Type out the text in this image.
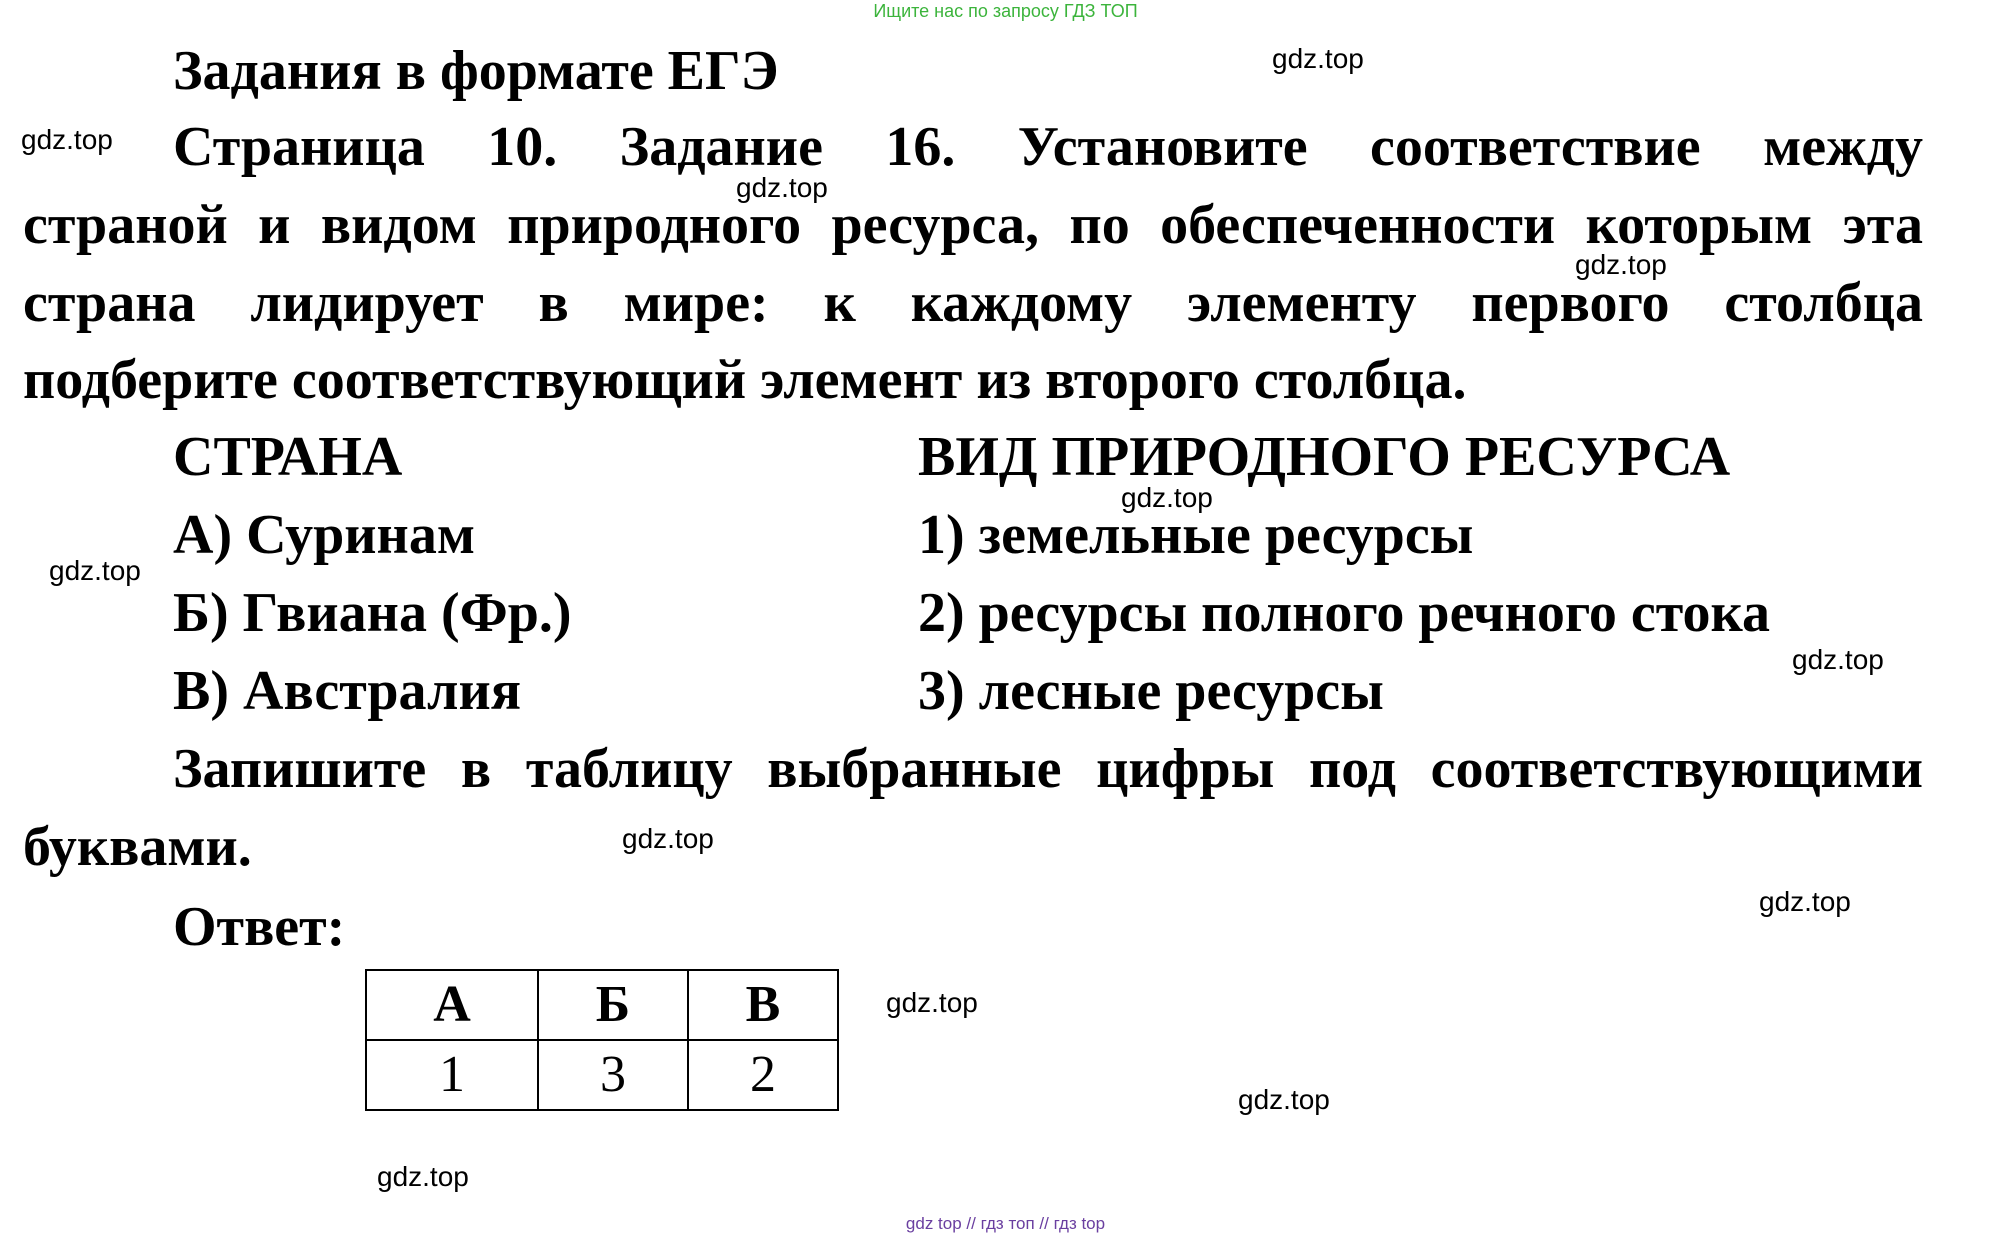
Ищите нас по запросу ГДЗ ТОП
Задания в формате ЕГЭ
Страница 10. Задание 16. Установите соответствие между
страной и видом природного ресурса, по обеспеченности которым эта
страна лидирует в мире: к каждому элементу первого столбца
подберите соответствующий элемент из второго столбца.
СТРАНА	ВИД ПРИРОДНОГО РЕСУРСА
А) Суринам	1) земельные ресурсы
Б) Гвиана (Фр.)	2) ресурсы полного речного стока
В) Австралия	3) лесные ресурсы
Запишите в таблицу выбранные цифры под соответствующими
буквами.
Ответ:
А	Б	В
1	3	2
gdz.top
gdz.top
gdz.top
gdz.top
gdz.top
gdz.top
gdz.top
gdz.top
gdz.top
gdz.top
gdz.top
gdz.top
gdz top // гдз топ // гдз top
